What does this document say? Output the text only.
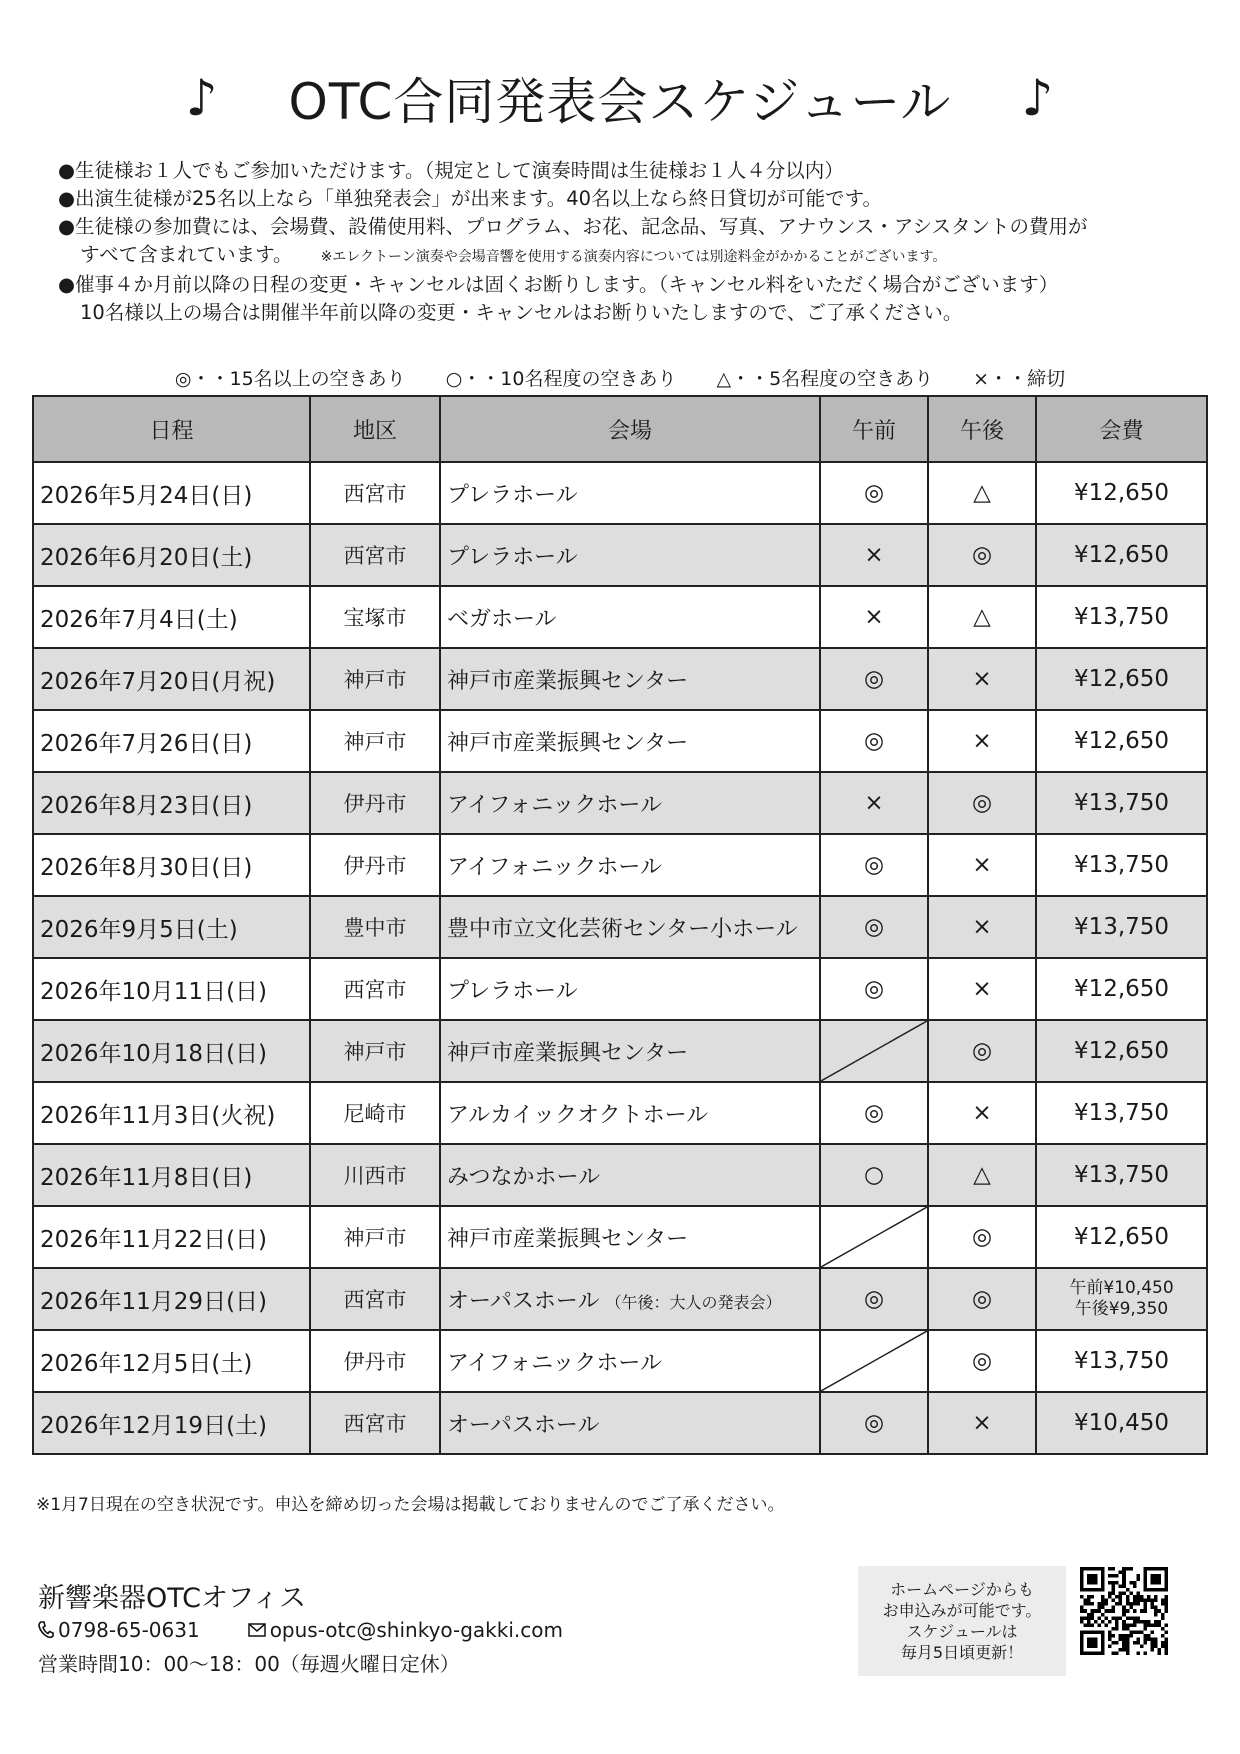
♪ OTC合同発表会スケジュール ♪
●生徒様お１人でもご参加いただけます。（規定として演奏時間は生徒様お１人４分以内）
●出演生徒様が25名以上なら「単独発表会」が出来ます。40名以上なら終日貸切が可能です。
●生徒様の参加費には、会場費、設備使用料、プログラム、お花、記念品、写真、アナウンス・アシスタントの費用が
すべて含まれています。 ※エレクトーン演奏や会場音響を使用する演奏内容については別途料金がかかることがございます。
●催事４か月前以降の日程の変更・キャンセルは固くお断りします。（キャンセル料をいただく場合がございます）
10名様以上の場合は開催半年前以降の変更・キャンセルはお断りいたしますので、ご了承ください。
◎・・15名以上の空きあり ○・・10名程度の空きあり △・・5名程度の空きあり ×・・締切
日程	地区	会場	午前	午後	会費
2026年5月24日(日)	西宮市	プレラホール	◎	△	¥12,650
2026年6月20日(土)	西宮市	プレラホール	×	◎	¥12,650
2026年7月4日(土)	宝塚市	ベガホール	×	△	¥13,750
2026年7月20日(月祝)	神戸市	神戸市産業振興センター	◎	×	¥12,650
2026年7月26日(日)	神戸市	神戸市産業振興センター	◎	×	¥12,650
2026年8月23日(日)	伊丹市	アイフォニックホール	×	◎	¥13,750
2026年8月30日(日)	伊丹市	アイフォニックホール	◎	×	¥13,750
2026年9月5日(土)	豊中市	豊中市立文化芸術センター小ホール	◎	×	¥13,750
2026年10月11日(日)	西宮市	プレラホール	◎	×	¥12,650
2026年10月18日(日)	神戸市	神戸市産業振興センター		◎	¥12,650
2026年11月3日(火祝)	尼崎市	アルカイックオクトホール	◎	×	¥13,750
2026年11月8日(日)	川西市	みつなかホール	○	△	¥13,750
2026年11月22日(日)	神戸市	神戸市産業振興センター		◎	¥12,650
2026年11月29日(日)	西宮市	オーパスホール （午後：大人の発表会）	◎	◎	午前¥10,450
午後¥9,350

2026年12月5日(土)	伊丹市	アイフォニックホール		◎	¥13,750
2026年12月19日(土)	西宮市	オーパスホール	◎	×	¥10,450
※1月7日現在の空き状況です。申込を締め切った会場は掲載しておりませんのでご了承ください。
新響楽器OTCオフィス
0798-65-0631	opus-otc@shinkyo-gakki.com
営業時間10：00～18：00（毎週火曜日定休）
ホームページからも
お申込みが可能です。
スケジュールは
毎月5日頃更新！
